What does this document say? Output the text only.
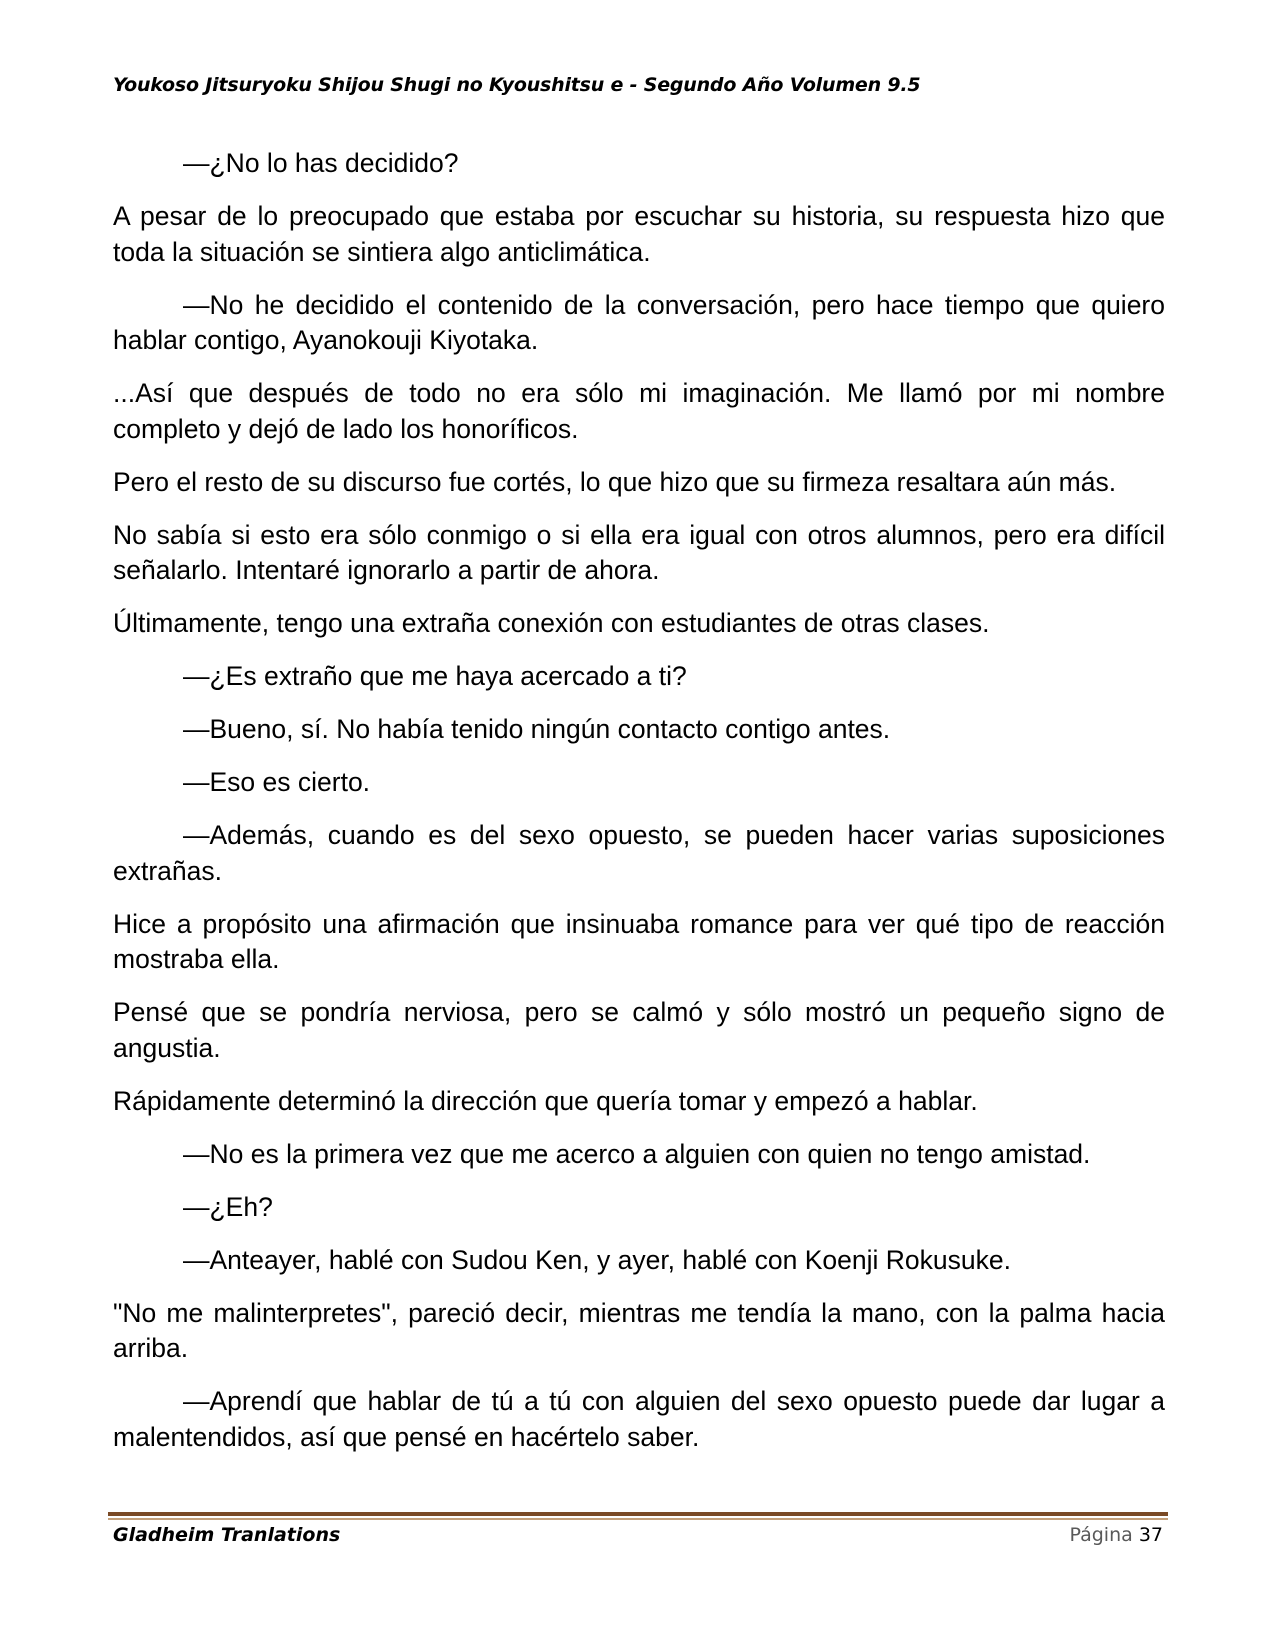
Youkoso Jitsuryoku Shijou Shugi no Kyoushitsu e - Segundo Año Volumen 9.5

—¿No lo has decidido?

A pesar de lo preocupado que estaba por escuchar su historia, su respuesta hizo que toda la situación se sintiera algo anticlimática.

—No he decidido el contenido de la conversación, pero hace tiempo que quiero hablar contigo, Ayanokouji Kiyotaka.

...Así que después de todo no era sólo mi imaginación. Me llamó por mi nombre completo y dejó de lado los honoríficos.

Pero el resto de su discurso fue cortés, lo que hizo que su firmeza resaltara aún más.

No sabía si esto era sólo conmigo o si ella era igual con otros alumnos, pero era difícil señalarlo. Intentaré ignorarlo a partir de ahora.

Últimamente, tengo una extraña conexión con estudiantes de otras clases.

—¿Es extraño que me haya acercado a ti?

—Bueno, sí. No había tenido ningún contacto contigo antes.

—Eso es cierto.

—Además, cuando es del sexo opuesto, se pueden hacer varias suposiciones extrañas.

Hice a propósito una afirmación que insinuaba romance para ver qué tipo de reacción mostraba ella.

Pensé que se pondría nerviosa, pero se calmó y sólo mostró un pequeño signo de angustia.

Rápidamente determinó la dirección que quería tomar y empezó a hablar.

—No es la primera vez que me acerco a alguien con quien no tengo amistad.

—¿Eh?

—Anteayer, hablé con Sudou Ken, y ayer, hablé con Koenji Rokusuke.

"No me malinterpretes", pareció decir, mientras me tendía la mano, con la palma hacia arriba.

—Aprendí que hablar de tú a tú con alguien del sexo opuesto puede dar lugar a malentendidos, así que pensé en hacértelo saber.

Gladheim Tranlations	Página 37
